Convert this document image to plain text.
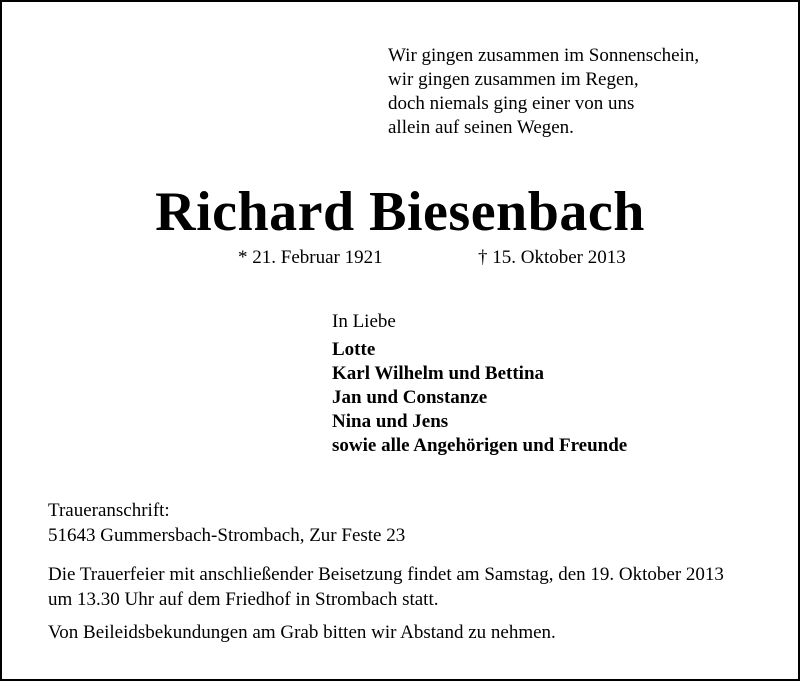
Wir gingen zusammen im Sonnenschein,
wir gingen zusammen im Regen,
doch niemals ging einer von uns
allein auf seinen Wegen.
Richard Biesenbach
* 21. Februar 1921	† 15. Oktober 2013
In Liebe
Lotte
Karl Wilhelm und Bettina
Jan und Constanze
Nina und Jens
sowie alle Angehörigen und Freunde
Traueranschrift:
51643 Gummersbach-Strombach, Zur Feste 23
Die Trauerfeier mit anschließender Beisetzung findet am Samstag, den 19. Oktober 2013
um 13.30 Uhr auf dem Friedhof in Strombach statt.
Von Beileidsbekundungen am Grab bitten wir Abstand zu nehmen.
